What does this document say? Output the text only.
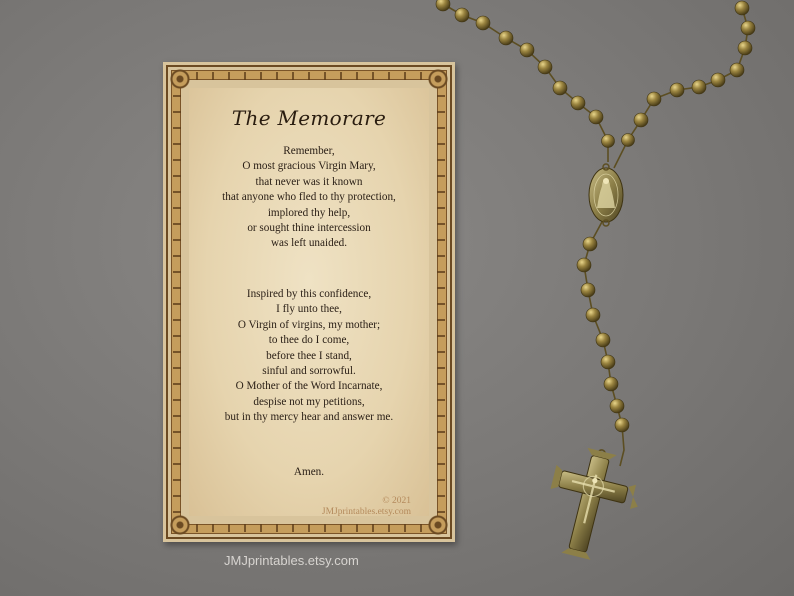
The Memorare
Remember,
O most gracious Virgin Mary,
that never was it known
that anyone who fled to thy protection,
implored thy help,
or sought thine intercession
was left unaided.
Inspired by this confidence,
I fly unto thee,
O Virgin of virgins, my mother;
to thee do I come,
before thee I stand,
sinful and sorrowful.
O Mother of the Word Incarnate,
despise not my petitions,
but in thy mercy hear and answer me.
Amen.
© 2021
JMJprintables.etsy.com
JMJprintables.etsy.com
